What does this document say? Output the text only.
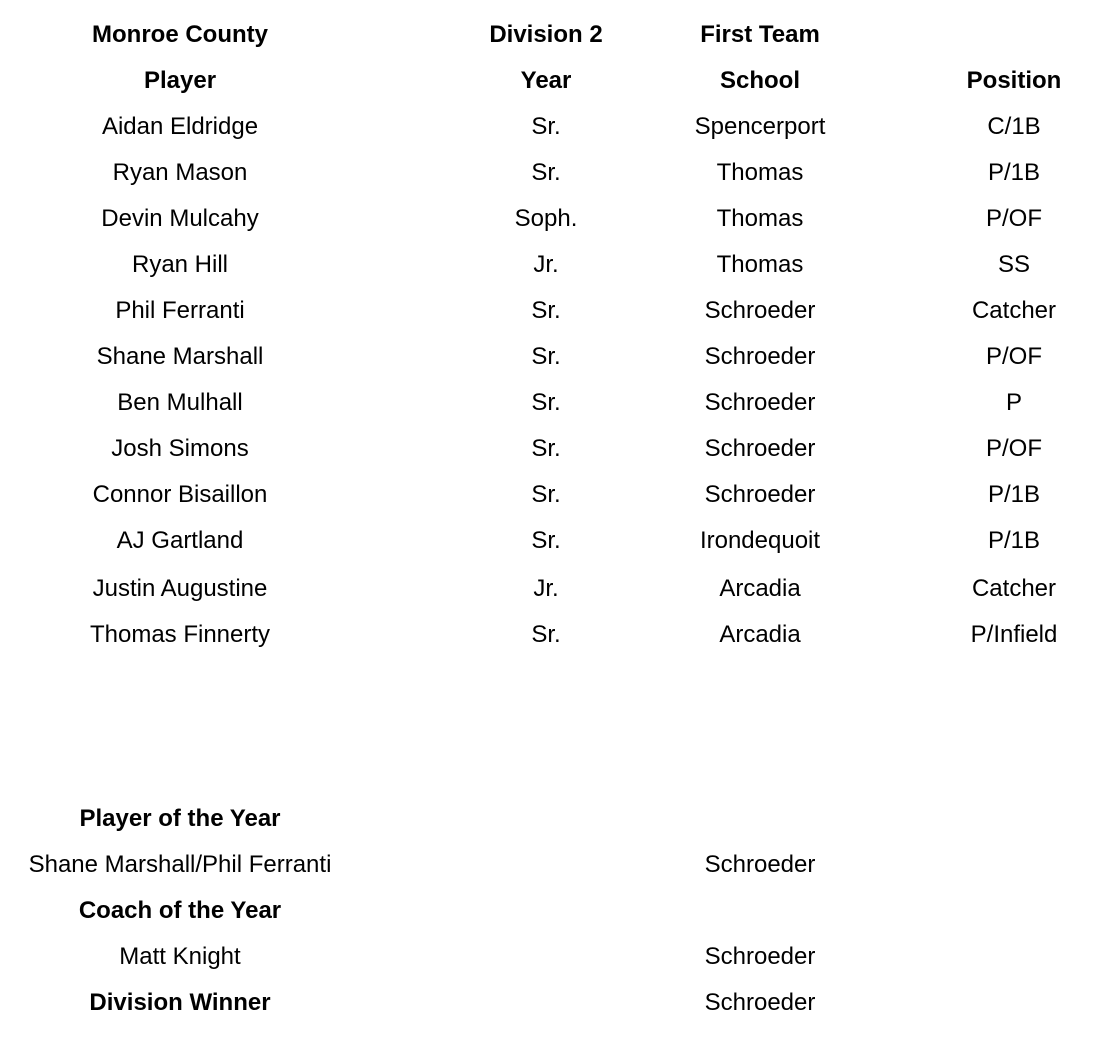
Monroe County	Division 2	First Team
Player	Year	School	Position
Aidan Eldridge	Sr.	Spencerport	C/1B
Ryan Mason	Sr.	Thomas	P/1B
Devin Mulcahy	Soph.	Thomas	P/OF
Ryan Hill	Jr.	Thomas	SS
Phil Ferranti	Sr.	Schroeder	Catcher
Shane Marshall	Sr.	Schroeder	P/OF
Ben Mulhall	Sr.	Schroeder	P
Josh Simons	Sr.	Schroeder	P/OF
Connor Bisaillon	Sr.	Schroeder	P/1B
AJ Gartland	Sr.	Irondequoit	P/1B
Justin Augustine	Jr.	Arcadia	Catcher
Thomas Finnerty	Sr.	Arcadia	P/Infield
Player of the Year
Shane Marshall/Phil Ferranti	Schroeder
Coach of the Year
Matt Knight	Schroeder
Division Winner	Schroeder
